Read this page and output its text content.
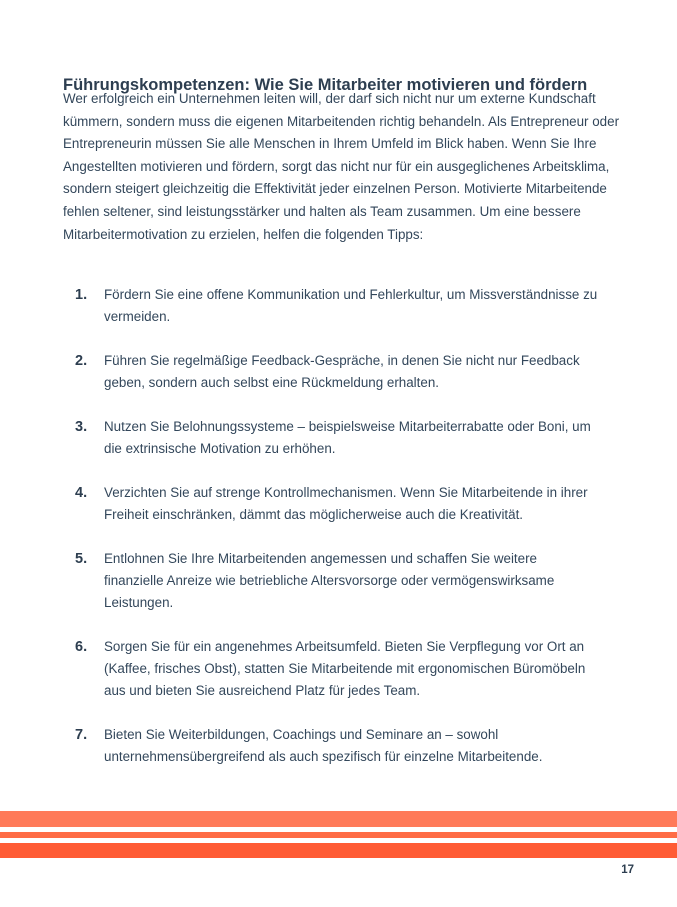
Führungskompetenzen: Wie Sie Mitarbeiter motivieren und fördern

Wer erfolgreich ein Unternehmen leiten will, der darf sich nicht nur um externe Kundschaft kümmern, sondern muss die eigenen Mitarbeitenden richtig behandeln. Als Entrepreneur oder Entrepreneurin müssen Sie alle Menschen in Ihrem Umfeld im Blick haben. Wenn Sie Ihre Angestellten motivieren und fördern, sorgt das nicht nur für ein ausgeglichenes Arbeitsklima, sondern steigert gleichzeitig die Effektivität jeder einzelnen Person. Motivierte Mitarbeitende fehlen seltener, sind leistungsstärker und halten als Team zusammen. Um eine bessere Mitarbeitermotivation zu erzielen, helfen die folgenden Tipps:

1. Fördern Sie eine offene Kommunikation und Fehlerkultur, um Missverständnisse zu vermeiden.
2. Führen Sie regelmäßige Feedback-Gespräche, in denen Sie nicht nur Feedback geben, sondern auch selbst eine Rückmeldung erhalten.
3. Nutzen Sie Belohnungssysteme – beispielsweise Mitarbeiterrabatte oder Boni, um die extrinsische Motivation zu erhöhen.
4. Verzichten Sie auf strenge Kontrollmechanismen. Wenn Sie Mitarbeitende in ihrer Freiheit einschränken, dämmt das möglicherweise auch die Kreativität.
5. Entlohnen Sie Ihre Mitarbeitenden angemessen und schaffen Sie weitere finanzielle Anreize wie betriebliche Altersvorsorge oder vermögenswirksame Leistungen.
6. Sorgen Sie für ein angenehmes Arbeitsumfeld. Bieten Sie Verpflegung vor Ort an (Kaffee, frisches Obst), statten Sie Mitarbeitende mit ergonomischen Büromöbeln aus und bieten Sie ausreichend Platz für jedes Team.
7. Bieten Sie Weiterbildungen, Coachings und Seminare an – sowohl unternehmensübergreifend als auch spezifisch für einzelne Mitarbeitende.
17
